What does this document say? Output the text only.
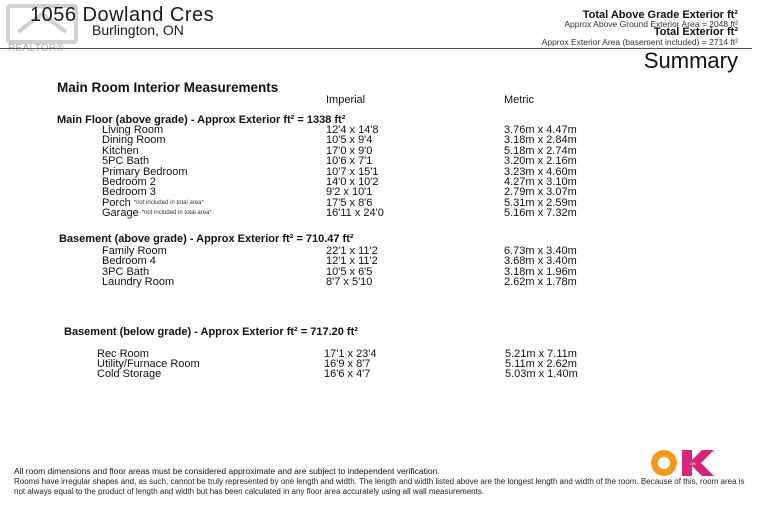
1056 Dowland Cres
Burlington, ON
Total Above Grade Exterior ft²
Approx Above Ground Exterior Area = 2048 ft²
Total Exterior ft²
Approx Exterior Area (basement included) = 2714 ft²
Summary
Main Room Interior Measurements
Imperial	Metric
Main Floor (above grade) - Approx Exterior ft² = 1338 ft²
Living Room	12'4 x 14'8	3.76m x 4.47m
Dining Room	10'5 x 9'4	3.18m x 2.84m
Kitchen	17'0 x 9'0	5.18m x 2.74m
5PC Bath	10'6 x 7'1	3.20m x 2.16m
Primary Bedroom	10'7 x 15'1	3.23m x 4.60m
Bedroom 2	14'0 x 10'2	4.27m x 3.10m
Bedroom 3	9'2 x 10'1	2.79m x 3.07m
Porch *not included in total area*	17'5 x 8'6	5.31m x 2.59m
Garage *not included in total area*	16'11 x 24'0	5.16m x 7.32m
Basement (above grade) - Approx Exterior ft² = 710.47 ft²
Family Room	22'1 x 11'2	6.73m x 3.40m
Bedroom 4	12'1 x 11'2	3.68m x 3.40m
3PC Bath	10'5 x 6'5	3.18m x 1.96m
Laundry Room	8'7 x 5'10	2.62m x 1.78m
Basement (below grade) - Approx Exterior ft² = 717.20 ft²
Rec Room	17'1 x 23'4	5.21m x 7.11m
Utility/Furnace Room	16'9 x 8'7	5.11m x 2.62m
Cold Storage	16'6 x 4'7	5.03m x 1.40m
All room dimensions and floor areas must be considered approximate and are subject to independent verification.
Rooms have irregular shapes and, as such, cannot be truly represented by one length and width. The length and width listed above are the longest length and width of the room. Because of this, room area is not always equal to the product of length and width but has been calculated in any floor area accurately using all wall measurements.
OK
